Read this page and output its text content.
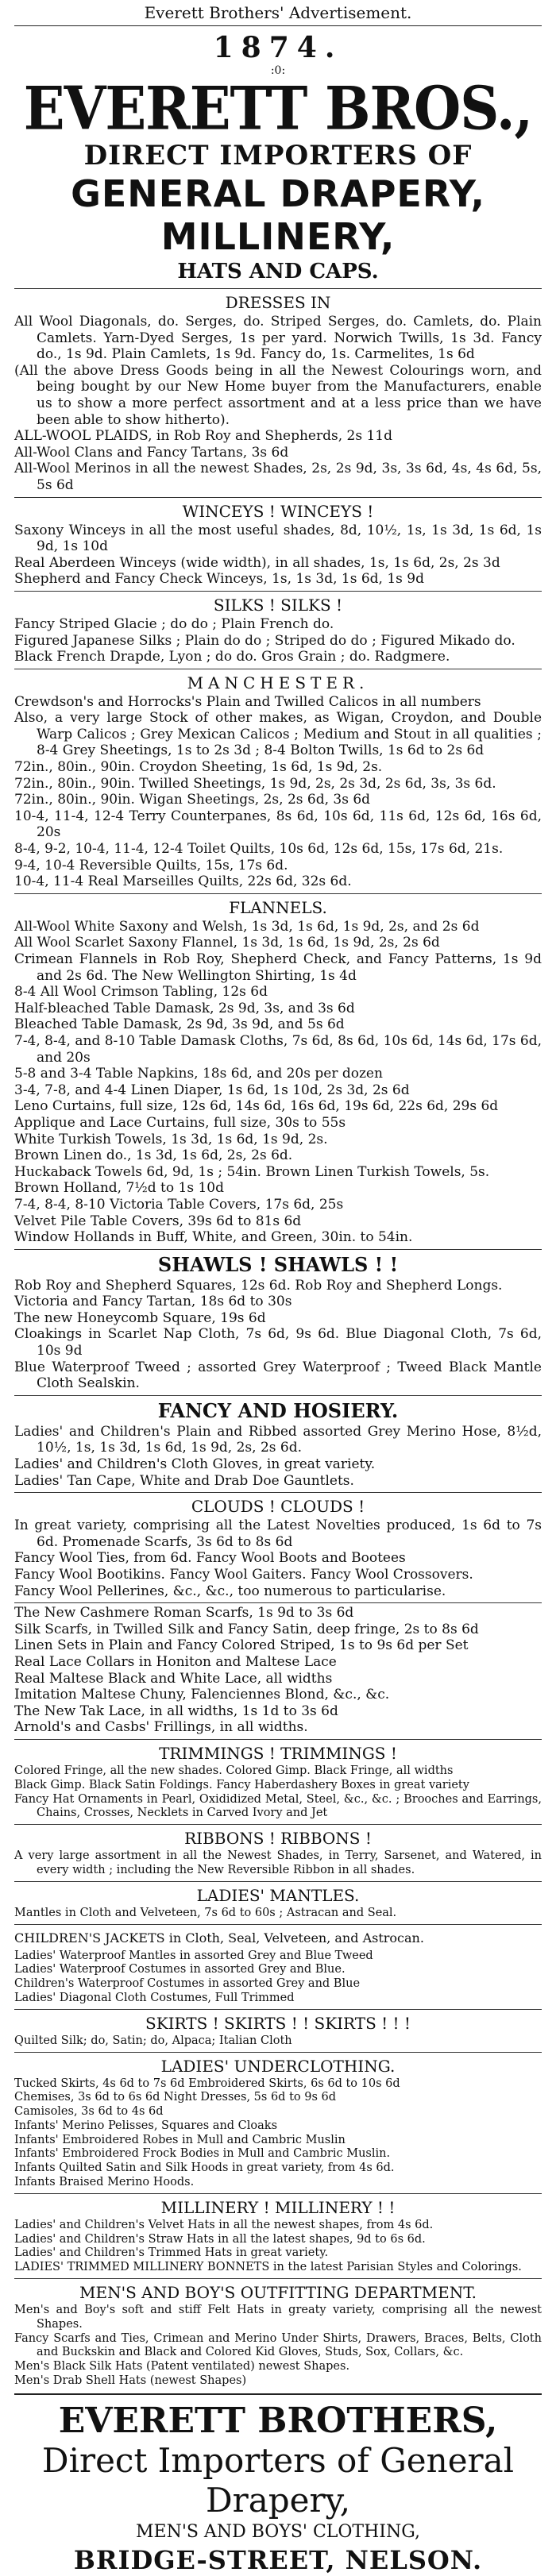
Everett Brothers' Advertisement.
1874.
:0:
EVERETT BROS.,
DIRECT IMPORTERS OF
GENERAL DRAPERY, MILLINERY,
HATS AND CAPS.
DRESSES IN

All Wool Diagonals, do. Serges, do. Striped Serges, do. Camlets, do. Plain Camlets. Yarn-Dyed Serges, 1s per yard. Norwich Twills, 1s 3d. Fancy do., 1s 9d. Plain Camlets, 1s 9d. Fancy do, 1s. Carmelites, 1s 6d

(All the above Dress Goods being in all the Newest Colourings worn, and being bought by our New Home buyer from the Manufacturers, enable us to show a more perfect assortment and at a less price than we have been able to show hitherto).

ALL-WOOL PLAIDS, in Rob Roy and Shepherds, 2s 11d

All-Wool Clans and Fancy Tartans, 3s 6d

All-Wool Merinos in all the newest Shades, 2s, 2s 9d, 3s, 3s 6d, 4s, 4s 6d, 5s, 5s 6d

WINCEYS ! WINCEYS !

Saxony Winceys in all the most useful shades, 8d, 10½, 1s, 1s 3d, 1s 6d, 1s 9d, 1s 10d

Real Aberdeen Winceys (wide width), in all shades, 1s, 1s 6d, 2s, 2s 3d

Shepherd and Fancy Check Winceys, 1s, 1s 3d, 1s 6d, 1s 9d

SILKS ! SILKS !

Fancy Striped Glacie ; do do ; Plain French do.

Figured Japanese Silks ; Plain do do ; Striped do do ; Figured Mikado do.

Black French Drapde, Lyon ; do do. Gros Grain ; do. Radgmere.

MANCHESTER.

Crewdson's and Horrocks's Plain and Twilled Calicos in all numbers

Also, a very large Stock of other makes, as Wigan, Croydon, and Double Warp Calicos ; Grey Mexican Calicos ; Medium and Stout in all qualities ; 8-4 Grey Sheetings, 1s to 2s 3d ; 8-4 Bolton Twills, 1s 6d to 2s 6d

72in., 80in., 90in. Croydon Sheeting, 1s 6d, 1s 9d, 2s.

72in., 80in., 90in. Twilled Sheetings, 1s 9d, 2s, 2s 3d, 2s 6d, 3s, 3s 6d.

72in., 80in., 90in. Wigan Sheetings, 2s, 2s 6d, 3s 6d

10-4, 11-4, 12-4 Terry Counterpanes, 8s 6d, 10s 6d, 11s 6d, 12s 6d, 16s 6d, 20s

8-4, 9-2, 10-4, 11-4, 12-4 Toilet Quilts, 10s 6d, 12s 6d, 15s, 17s 6d, 21s.

9-4, 10-4 Reversible Quilts, 15s, 17s 6d.

10-4, 11-4 Real Marseilles Quilts, 22s 6d, 32s 6d.

FLANNELS.

All-Wool White Saxony and Welsh, 1s 3d, 1s 6d, 1s 9d, 2s, and 2s 6d

All Wool Scarlet Saxony Flannel, 1s 3d, 1s 6d, 1s 9d, 2s, 2s 6d

Crimean Flannels in Rob Roy, Shepherd Check, and Fancy Patterns, 1s 9d and 2s 6d. The New Wellington Shirting, 1s 4d

8-4 All Wool Crimson Tabling, 12s 6d

Half-bleached Table Damask, 2s 9d, 3s, and 3s 6d

Bleached Table Damask, 2s 9d, 3s 9d, and 5s 6d

7-4, 8-4, and 8-10 Table Damask Cloths, 7s 6d, 8s 6d, 10s 6d, 14s 6d, 17s 6d, and 20s

5-8 and 3-4 Table Napkins, 18s 6d, and 20s per dozen

3-4, 7-8, and 4-4 Linen Diaper, 1s 6d, 1s 10d, 2s 3d, 2s 6d

Leno Curtains, full size, 12s 6d, 14s 6d, 16s 6d, 19s 6d, 22s 6d, 29s 6d

Applique and Lace Curtains, full size, 30s to 55s

White Turkish Towels, 1s 3d, 1s 6d, 1s 9d, 2s.

Brown Linen do., 1s 3d, 1s 6d, 2s, 2s 6d.

Huckaback Towels 6d, 9d, 1s ; 54in. Brown Linen Turkish Towels, 5s.

Brown Holland, 7½d to 1s 10d

7-4, 8-4, 8-10 Victoria Table Covers, 17s 6d, 25s

Velvet Pile Table Covers, 39s 6d to 81s 6d

Window Hollands in Buff, White, and Green, 30in. to 54in.

SHAWLS ! SHAWLS ! !

Rob Roy and Shepherd Squares, 12s 6d. Rob Roy and Shepherd Longs.

Victoria and Fancy Tartan, 18s 6d to 30s

The new Honeycomb Square, 19s 6d

Cloakings in Scarlet Nap Cloth, 7s 6d, 9s 6d. Blue Diagonal Cloth, 7s 6d, 10s 9d

Blue Waterproof Tweed ; assorted Grey Waterproof ; Tweed Black Mantle Cloth Sealskin.

FANCY AND HOSIERY.

Ladies' and Children's Plain and Ribbed assorted Grey Merino Hose, 8½d, 10½, 1s, 1s 3d, 1s 6d, 1s 9d, 2s, 2s 6d.

Ladies' and Children's Cloth Gloves, in great variety.

Ladies' Tan Cape, White and Drab Doe Gauntlets.

CLOUDS ! CLOUDS !

In great variety, comprising all the Latest Novelties produced, 1s 6d to 7s 6d. Promenade Scarfs, 3s 6d to 8s 6d

Fancy Wool Ties, from 6d. Fancy Wool Boots and Bootees

Fancy Wool Bootikins. Fancy Wool Gaiters. Fancy Wool Crossovers.

Fancy Wool Pellerines, &c., &c., too numerous to particularise.

The New Cashmere Roman Scarfs, 1s 9d to 3s 6d

Silk Scarfs, in Twilled Silk and Fancy Satin, deep fringe, 2s to 8s 6d

Linen Sets in Plain and Fancy Colored Striped, 1s to 9s 6d per Set

Real Lace Collars in Honiton and Maltese Lace

Real Maltese Black and White Lace, all widths

Imitation Maltese Chuny, Falenciennes Blond, &c., &c.

The New Tak Lace, in all widths, 1s 1d to 3s 6d

Arnold's and Casbs' Frillings, in all widths.

TRIMMINGS ! TRIMMINGS !

Colored Fringe, all the new shades. Colored Gimp. Black Fringe, all widths

Black Gimp. Black Satin Foldings. Fancy Haberdashery Boxes in great variety

Fancy Hat Ornaments in Pearl, Oxididized Metal, Steel, &c., &c. ; Brooches and Earrings, Chains, Crosses, Necklets in Carved Ivory and Jet

RIBBONS ! RIBBONS !

A very large assortment in all the Newest Shades, in Terry, Sarsenet, and Watered, in every width ; including the New Reversible Ribbon in all shades.

LADIES' MANTLES.

Mantles in Cloth and Velveteen, 7s 6d to 60s ; Astracan and Seal.

CHILDREN'S JACKETS in Cloth, Seal, Velveteen, and Astrocan.

Ladies' Waterproof Mantles in assorted Grey and Blue Tweed

Ladies' Waterproof Costumes in assorted Grey and Blue.

Children's Waterproof Costumes in assorted Grey and Blue

Ladies' Diagonal Cloth Costumes, Full Trimmed

SKIRTS ! SKIRTS ! ! SKIRTS ! ! !

Quilted Silk; do, Satin; do, Alpaca; Italian Cloth

LADIES' UNDERCLOTHING.

Tucked Skirts, 4s 6d to 7s 6d Embroidered Skirts, 6s 6d to 10s 6d

Chemises, 3s 6d to 6s 6d Night Dresses, 5s 6d to 9s 6d

Camisoles, 3s 6d to 4s 6d

Infants' Merino Pelisses, Squares and Cloaks

Infants' Embroidered Robes in Mull and Cambric Muslin

Infants' Embroidered Frock Bodies in Mull and Cambric Muslin.

Infants Quilted Satin and Silk Hoods in great variety, from 4s 6d.

Infants Braised Merino Hoods.

MILLINERY ! MILLINERY ! !

Ladies' and Children's Velvet Hats in all the newest shapes, from 4s 6d.

Ladies' and Children's Straw Hats in all the latest shapes, 9d to 6s 6d.

Ladies' and Children's Trimmed Hats in great variety.

LADIES' TRIMMED MILLINERY BONNETS in the latest Parisian Styles and Colorings.

MEN'S AND BOY'S OUTFITTING DEPARTMENT.

Men's and Boy's soft and stiff Felt Hats in greaty variety, comprising all the newest Shapes.

Fancy Scarfs and Ties, Crimean and Merino Under Shirts, Drawers, Braces, Belts, Cloth and Buckskin and Black and Colored Kid Gloves, Studs, Sox, Collars, &c.

Men's Black Silk Hats (Patent ventilated) newest Shapes.

Men's Drab Shell Hats (newest Shapes)

EVERETT BROTHERS,
Direct Importers of General Drapery,
MEN'S AND BOYS' CLOTHING,
BRIDGE-STREET, NELSON.
